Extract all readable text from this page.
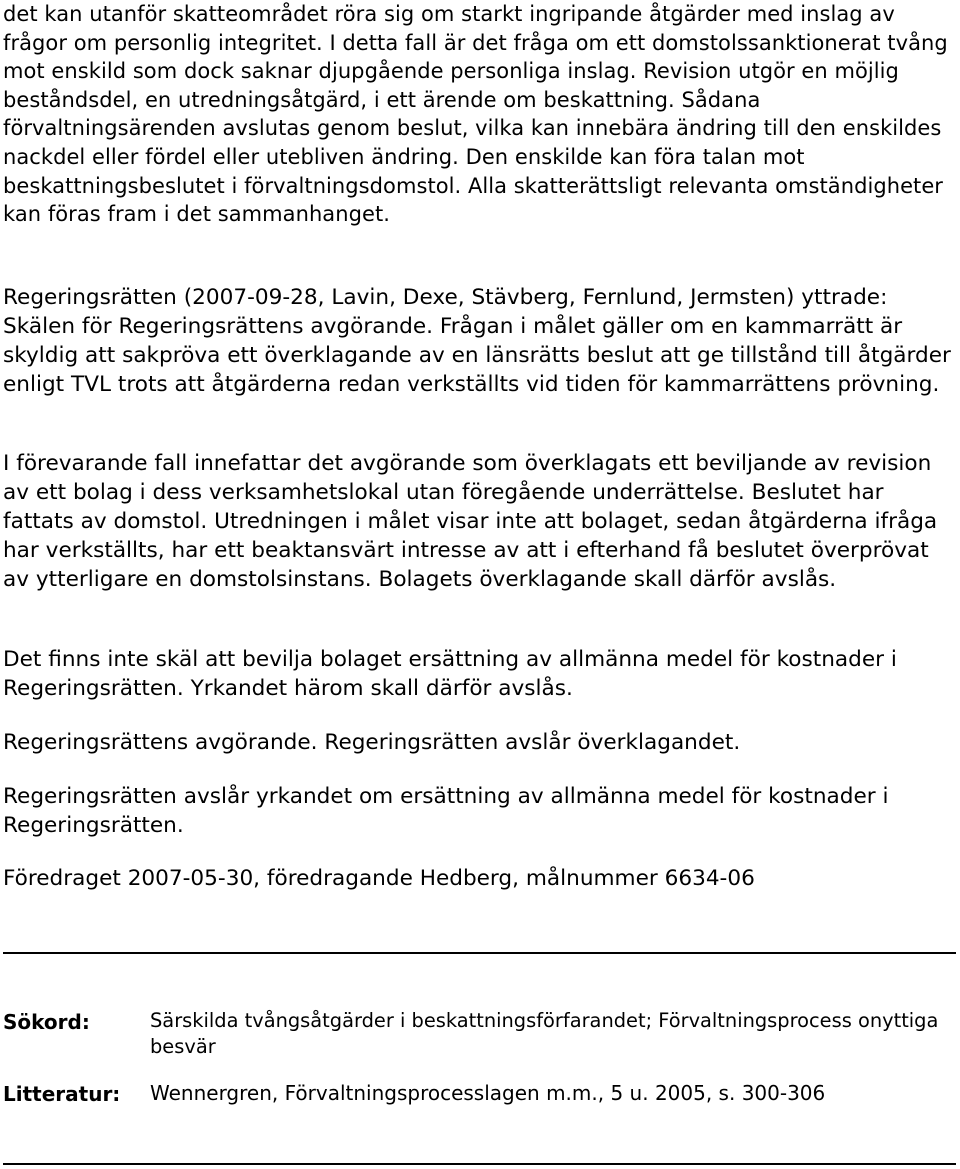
det kan utanför skatteområdet röra sig om starkt ingripande åtgärder med inslag av frågor om personlig integritet. I detta fall är det fråga om ett domstolssanktionerat tvång mot enskild som dock saknar djupgående personliga inslag. Revision utgör en möjlig beståndsdel, en utredningsåtgärd, i ett ärende om beskattning. Sådana förvaltningsärenden avslutas genom beslut, vilka kan innebära ändring till den enskildes nackdel eller fördel eller utebliven ändring. Den enskilde kan föra talan mot beskattningsbeslutet i förvaltningsdomstol. Alla skatterättsligt relevanta omständigheter kan föras fram i det sammanhanget.

Regeringsrätten (2007-09-28, Lavin, Dexe, Stävberg, Fernlund, Jermsten) yttrade: Skälen för Regeringsrättens avgörande. Frågan i målet gäller om en kammarrätt är skyldig att sakpröva ett överklagande av en länsrätts beslut att ge tillstånd till åtgärder enligt TVL trots att åtgärderna redan verkställts vid tiden för kammarrättens prövning.

I förevarande fall innefattar det avgörande som överklagats ett beviljande av revision av ett bolag i dess verksamhetslokal utan föregående underrättelse. Beslutet har fattats av domstol. Utredningen i målet visar inte att bolaget, sedan åtgärderna ifråga har verkställts, har ett beaktansvärt intresse av att i efterhand få beslutet överprövat av ytterligare en domstolsinstans. Bolagets överklagande skall därför avslås.

Det finns inte skäl att bevilja bolaget ersättning av allmänna medel för kostnader i Regeringsrätten. Yrkandet härom skall därför avslås.

Regeringsrättens avgörande. Regeringsrätten avslår överklagandet.

Regeringsrätten avslår yrkandet om ersättning av allmänna medel för kostnader i Regeringsrätten.

Föredraget 2007-05-30, föredragande Hedberg, målnummer 6634-06

Sökord:	Särskilda tvångsåtgärder i beskattningsförfarandet; Förvaltningsprocess onyttiga besvär
Litteratur: Wennergren, Förvaltningsprocesslagen m.m., 5 u. 2005, s. 300-306
